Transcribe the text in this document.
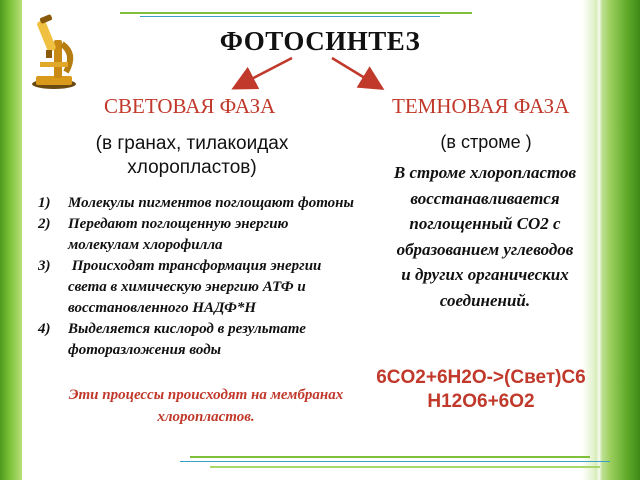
ФОТОСИНТЕЗ
СВЕТОВАЯ ФАЗА	ТЕМНОВАЯ ФАЗА
(в гранах, тилакоидах хлоропластов)
(в строме )
1)	Молекулы пигментов поглощают фотоны
2)	Передают поглощенную энергию молекулам хлорофилла
3)	Происходят трансформация энергии света в химическую энергию АТФ и восстановленного НАДФ*Н
4)	Выделяется кислород в результате фоторазложения воды
Эти процессы происходят на мембранах хлоропластов.
В строме хлоропластов восстанавливается поглощенный СО2 с образованием углеводов и других органических соединений.
6CO2+6H2O->(Свет)C6H12O6+6O2
